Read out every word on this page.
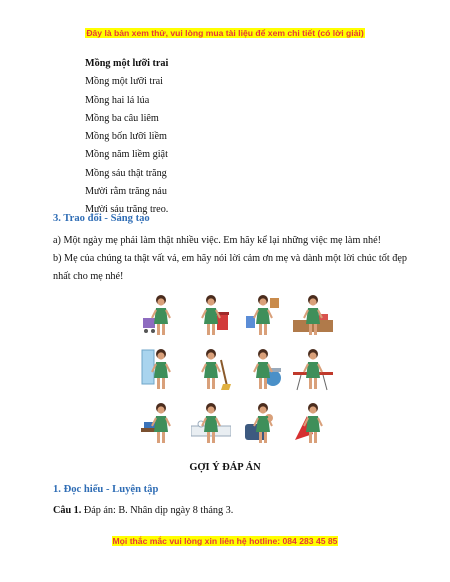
Đây là bản xem thử, vui lòng mua tài liệu để xem chi tiết (có lời giải)
Mồng một lưỡi trai
Mồng một lưỡi trai
Mồng hai lá lúa
Mồng ba câu liêm
Mồng bốn lưỡi liềm
Mồng năm liềm giật
Mồng sáu thật trăng
Mười rằm trăng náu
Mười sáu trăng treo.
3. Trao đổi - Sáng tạo
a) Một ngày mẹ phải làm thật nhiều việc. Em hãy kể lại những việc mẹ làm nhé!
b) Mẹ của chúng ta thật vất vả, em hãy nói lời cảm ơn mẹ và dành một lời chúc tốt đẹp nhất cho mẹ nhé!
GỢI Ý ĐÁP ÁN
1. Đọc hiểu - Luyện tập
Câu 1. Đáp án: B. Nhân dịp ngày 8 tháng 3.
Mọi thắc mắc vui lòng xin liên hệ hotline: 084 283 45 85
